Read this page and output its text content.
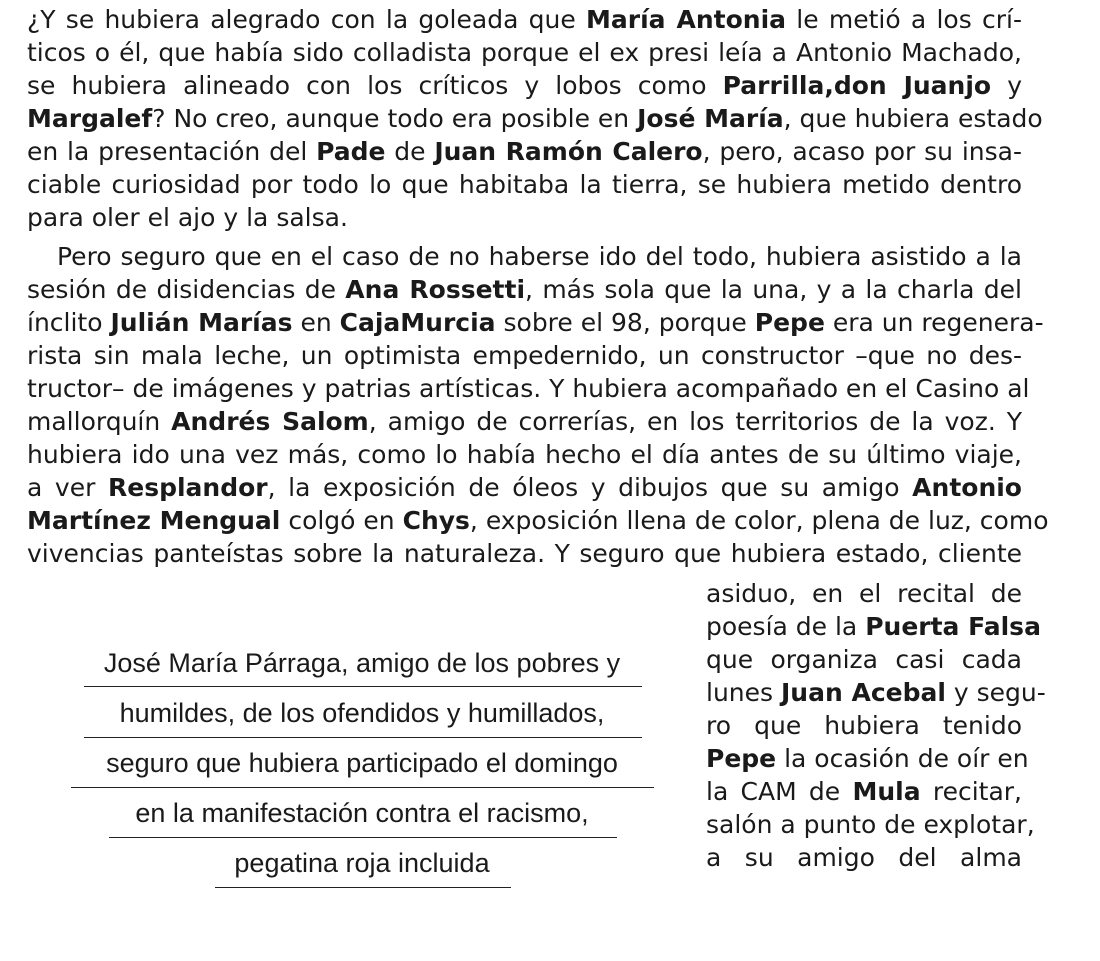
¿Y se hubiera alegrado con la goleada que María Antonia le metió a los crí-
ticos o él, que había sido colladista porque el ex presi leía a Antonio Machado,
se hubiera alineado con los críticos y lobos como Parrilla,don Juanjo y
Margalef? No creo, aunque todo era posible en José María, que hubiera estado
en la presentación del Pade de Juan Ramón Calero, pero, acaso por su insa-
ciable curiosidad por todo lo que habitaba la tierra, se hubiera metido dentro
para oler el ajo y la salsa.
Pero seguro que en el caso de no haberse ido del todo, hubiera asistido a la
sesión de disidencias de Ana Rossetti, más sola que la una, y a la charla del
ínclito Julián Marías en CajaMurcia sobre el 98, porque Pepe era un regenera-
rista sin mala leche, un optimista empedernido, un constructor –que no des-
tructor– de imágenes y patrias artísticas. Y hubiera acompañado en el Casino al
mallorquín Andrés Salom, amigo de correrías, en los territorios de la voz. Y
hubiera ido una vez más, como lo había hecho el día antes de su último viaje,
a ver Resplandor, la exposición de óleos y dibujos que su amigo Antonio
Martínez Mengual colgó en Chys, exposición llena de color, plena de luz, como
vivencias panteístas sobre la naturaleza. Y seguro que hubiera estado, cliente
asiduo, en el recital de
poesía de la Puerta Falsa
que organiza casi cada
lunes Juan Acebal y segu-
ro que hubiera tenido
Pepe la ocasión de oír en
la CAM de Mula recitar,
salón a punto de explotar,
a su amigo del alma
José María Párraga, amigo de los pobres y
humildes, de los ofendidos y humillados,
seguro que hubiera participado el domingo
en la manifestación contra el racismo,
pegatina roja incluida
